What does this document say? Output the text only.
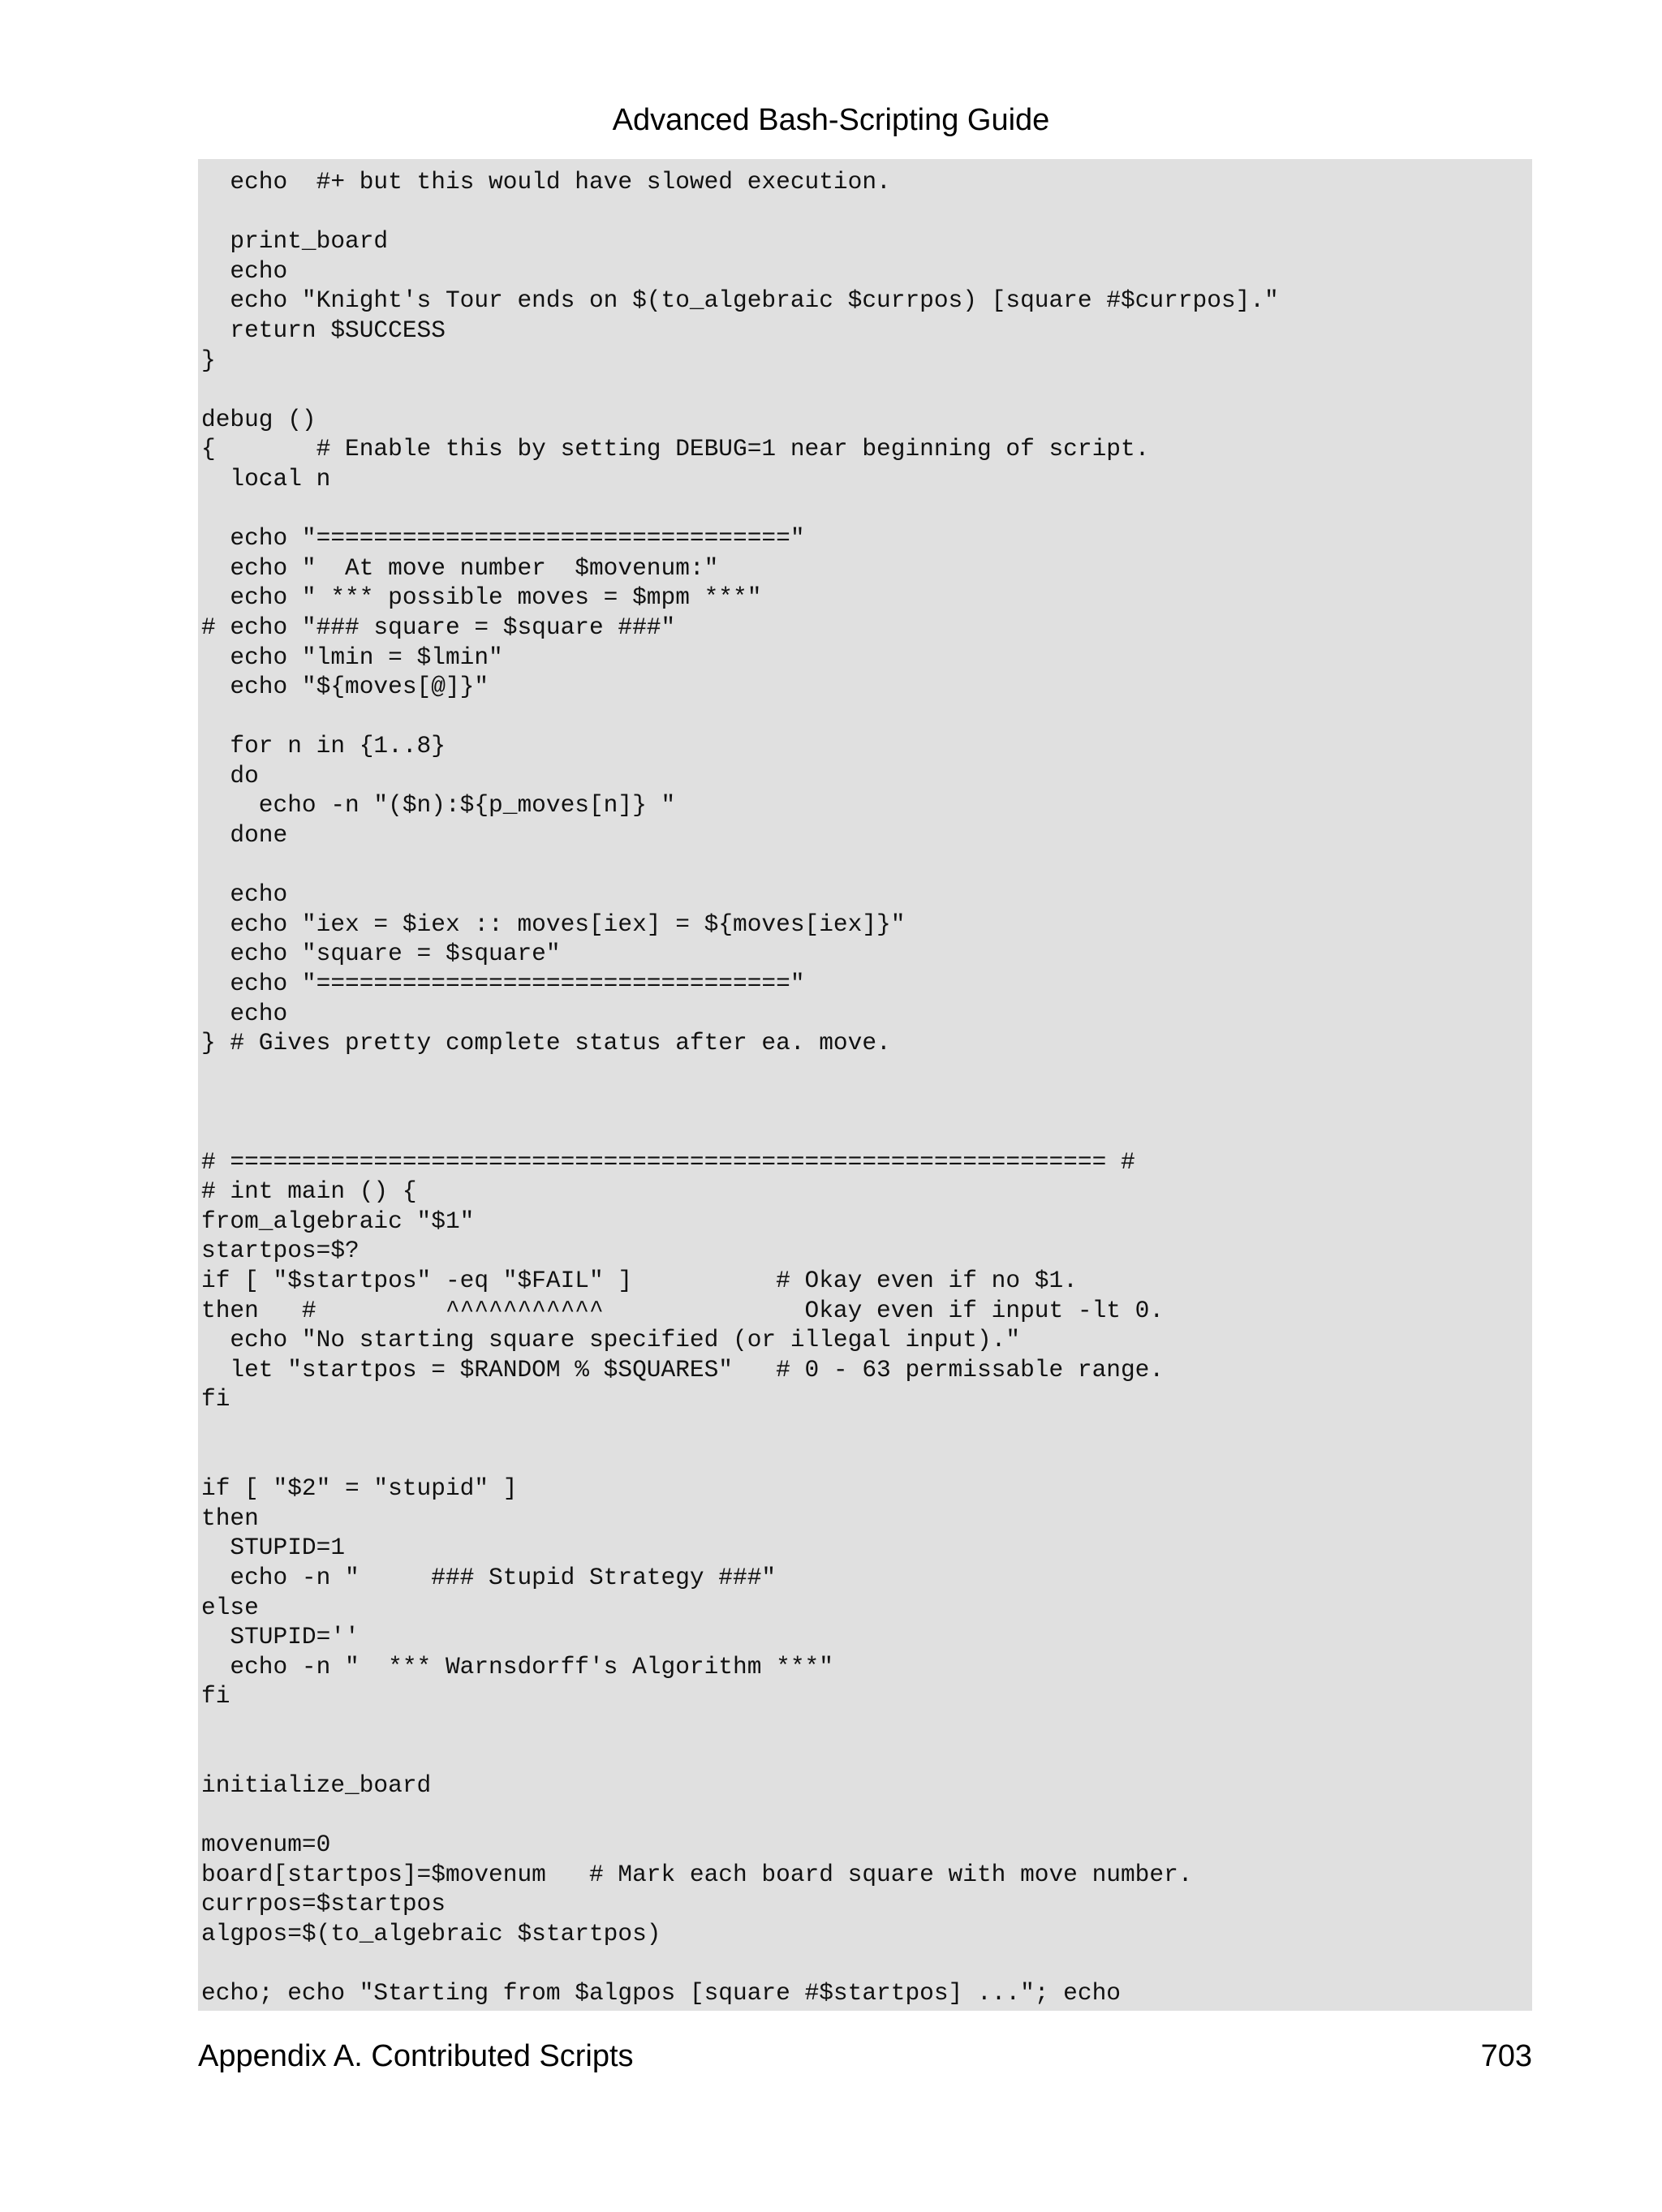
Advanced Bash-Scripting Guide
echo  #+ but this would have slowed execution.
print_board
echo
echo "Knight's Tour ends on $(to_algebraic $currpos) [square #$currpos]."
return $SUCCESS
}
debug ()
{       # Enable this by setting DEBUG=1 near beginning of script.
local n
echo "================================="
echo "  At move number  $movenum:"
echo " *** possible moves = $mpm ***"
# echo "### square = $square ###"
echo "lmin = $lmin"
echo "${moves[@]}"
for n in {1..8}
do
echo -n "($n):${p_moves[n]} "
done
echo
echo "iex = $iex :: moves[iex] = ${moves[iex]}"
echo "square = $square"
echo "================================="
echo
} # Gives pretty complete status after ea. move.
# ============================================================= #
# int main () {
from_algebraic "$1"
startpos=$?
if [ "$startpos" -eq "$FAIL" ]          # Okay even if no $1.
then   #         ^^^^^^^^^^^              Okay even if input -lt 0.
echo "No starting square specified (or illegal input)."
let "startpos = $RANDOM % $SQUARES"   # 0 - 63 permissable range.
fi
if [ "$2" = "stupid" ]
then
STUPID=1
echo -n "     ### Stupid Strategy ###"
else
STUPID=''
echo -n "  *** Warnsdorff's Algorithm ***"
fi
initialize_board
movenum=0
board[startpos]=$movenum   # Mark each board square with move number.
currpos=$startpos
algpos=$(to_algebraic $startpos)
echo; echo "Starting from $algpos [square #$startpos] ..."; echo
Appendix A. Contributed Scripts	703
